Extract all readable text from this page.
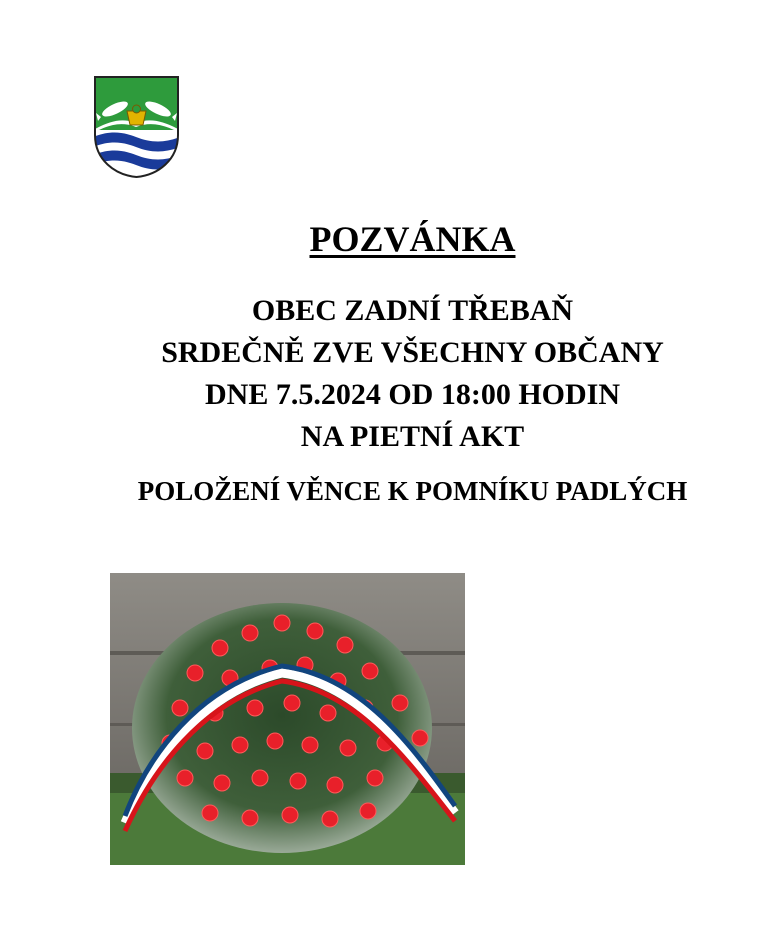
POZVÁNKA
OBEC ZADNÍ TŘEBAŇ
SRDEČNĚ ZVE VŠECHNY OBČANY
DNE 7.5.2024 OD 18:00 HODIN
NA PIETNÍ AKT
POLOŽENÍ VĚNCE K POMNÍKU PADLÝCH
